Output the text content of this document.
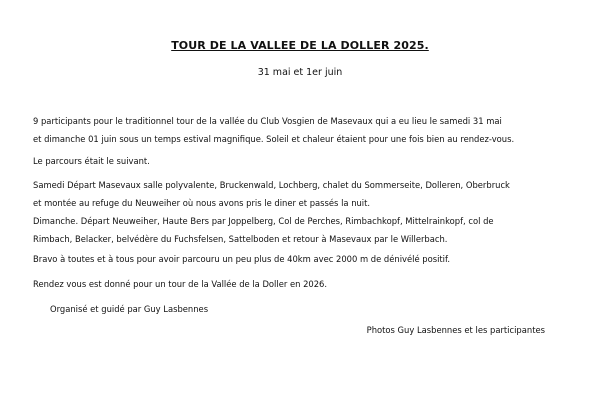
TOUR DE LA VALLEE DE LA DOLLER 2025.
31 mai et 1er juin
9 participants pour le traditionnel tour de la vallée du Club Vosgien de Masevaux qui a eu lieu le samedi 31 mai
et dimanche 01 juin sous un temps estival magnifique. Soleil et chaleur étaient pour une fois bien au rendez-vous.
Le parcours était le suivant.
Samedi Départ Masevaux salle polyvalente, Bruckenwald, Lochberg, chalet du Sommerseite, Dolleren, Oberbruck
et montée au refuge du Neuweiher où nous avons pris le diner et passés la nuit.
Dimanche. Départ Neuweiher, Haute Bers par Joppelberg, Col de Perches, Rimbachkopf, Mittelrainkopf, col de
Rimbach, Belacker, belvédère du Fuchsfelsen, Sattelboden et retour à Masevaux par le Willerbach.
Bravo à toutes et à tous pour avoir parcouru un peu plus de 40km avec 2000 m de dénivélé positif.
Rendez vous est donné pour un tour de la Vallée de la Doller en 2026.
Organisé et guidé par Guy Lasbennes
Photos Guy Lasbennes et les participantes
